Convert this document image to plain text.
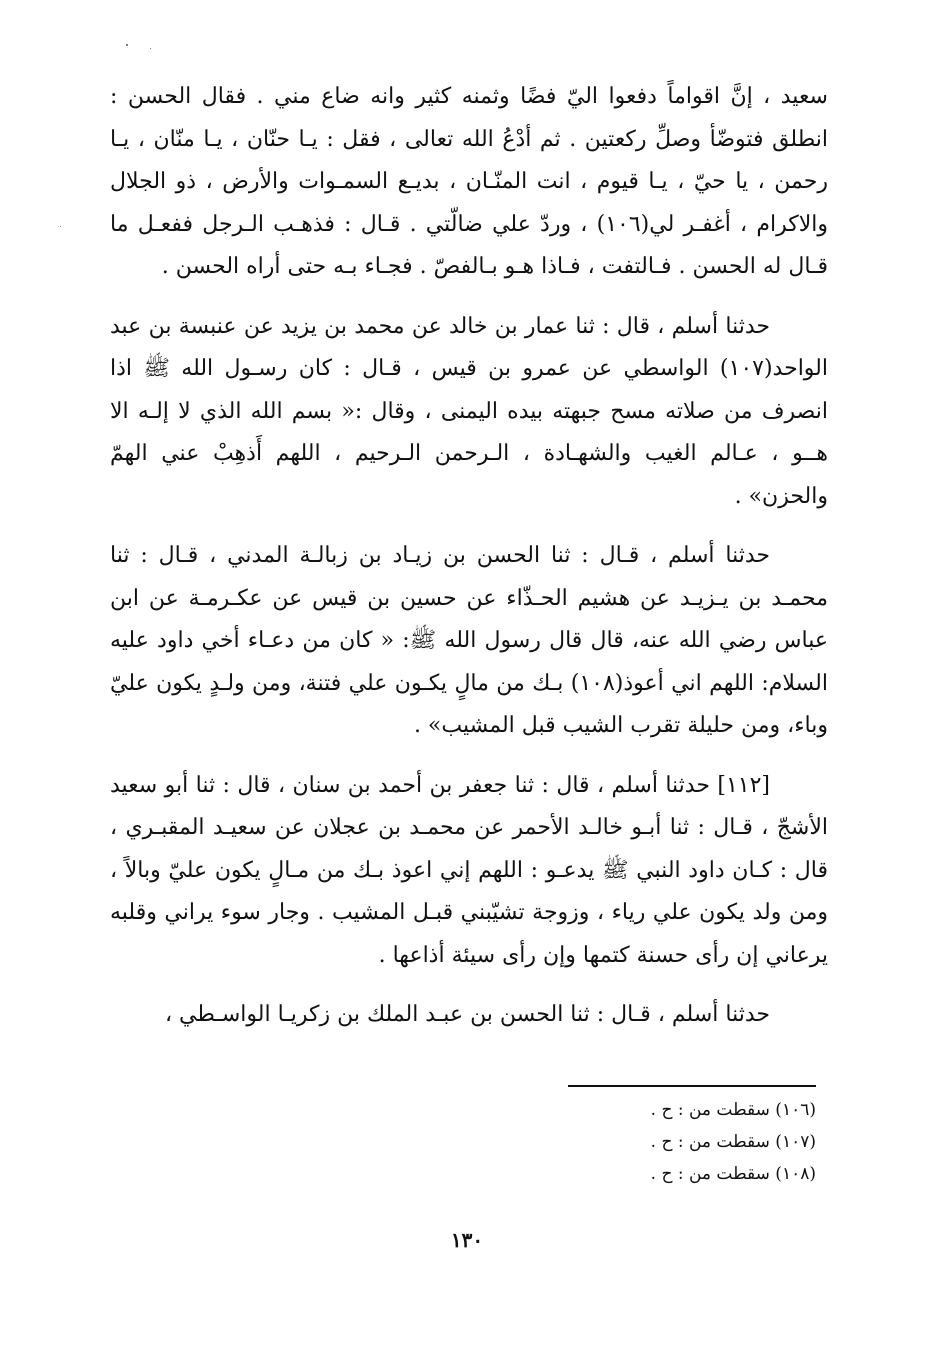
سعيد ، إنَّ اقواماً دفعوا اليّ فضًا وثمنه كثير وانه ضاع مني . فقال الحسن : انطلق فتوضّأ وصلِّ ركعتين . ثم أدْعُ الله تعالى ، فقل : يـا حنّان ، يـا منّان ، يـا رحمن ، يا حيّ ، يـا قيوم ، انت المنّـان ، بديـع السمـوات والأرض ، ذو الجلال والاكرام ، أغفـر لي(١٠٦) ، وردّ علي ضالّتي . قـال : فذهـب الـرجل ففعـل ما قـال له الحسن . فـالتفت ، فـاذا هـو بـالفصّ . فجـاء بـه حتى أراه الحسن .

حدثنا أسلم ، قال : ثنا عمار بن خالد عن محمد بن يزيد عن عنبسة بن عبد الواحد(١٠٧) الواسطي عن عمرو بن قيس ، قـال : كان رسـول الله ﷺ اذا انصرف من صلاته مسح جبهته بيده اليمنى ، وقال :« بسم الله الذي لا إلـه الا هــو ، عـالم الغيب والشهـادة ، الـرحمن الـرحيم ، اللهم أَذهِبْ عني الهمّ والحزن» .

حدثنا أسلم ، قـال : ثنا الحسن بن زيـاد بن زبالـة المدني ، قـال : ثنا محمـد بن يـزيـد عن هشيم الحـذّاء عن حسين بن قيس عن عكـرمـة عن ابن عباس رضي الله عنه، قال قال رسول الله ﷺ: « كان من دعـاء أخي داود عليه السلام: اللهم اني أعوذ(١٠٨) بـك من مالٍ يكـون علي فتنة، ومن ولـدٍ يكون عليّ وباء، ومن حليلة تقرب الشيب قبل المشيب» .

[١١٢] حدثنا أسلم ، قال : ثنا جعفر بن أحمد بن سنان ، قال : ثنا أبو سعيد الأشجّ ، قـال : ثنا أبـو خالـد الأحمر عن محمـد بن عجلان عن سعيـد المقبـري ، قال : كـان داود النبي ﷺ يدعـو : اللهم إني اعوذ بـك من مـالٍ يكون عليّ وبالاً ، ومن ولد يكون علي رياء ، وزوجة تشيّبني قبـل المشيب . وجار سوء يراني وقلبه يرعاني إن رأى حسنة كتمها وإن رأى سيئة أذاعها .

حدثنا أسلم ، قـال : ثنا الحسن بن عبـد الملك بن زكريـا الواسـطي ،

(١٠٦) سقطت من : ح .
(١٠٧) سقطت من : ح .
(١٠٨) سقطت من : ح .
١٣٠
